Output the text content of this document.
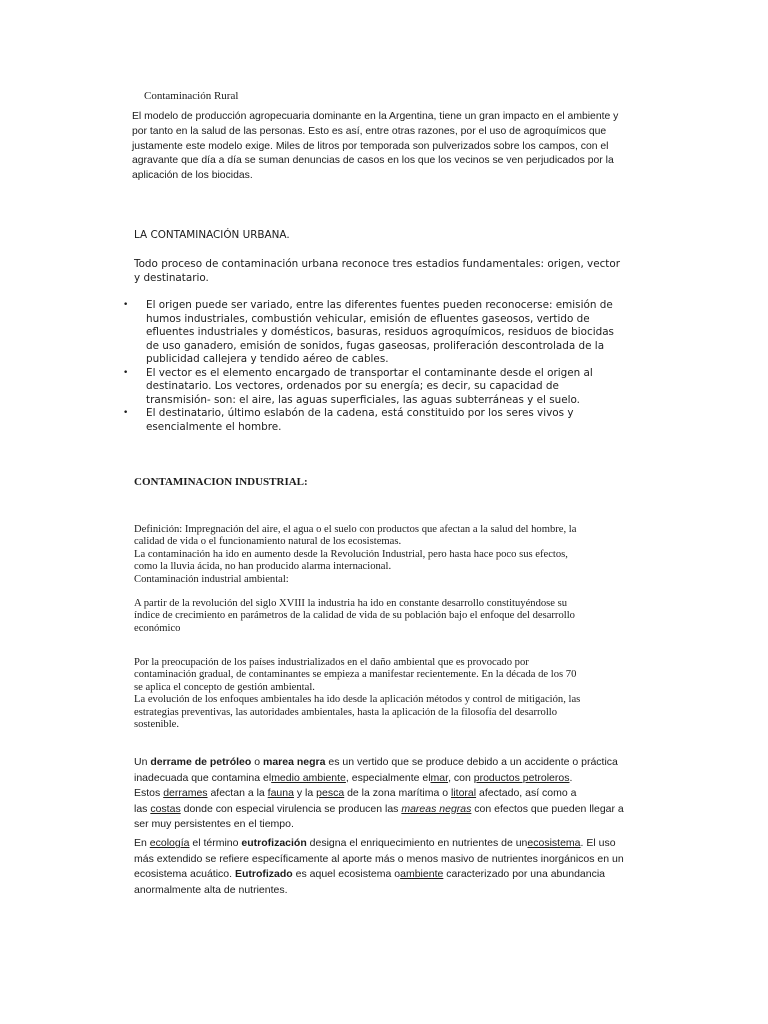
Contaminación Rural

El modelo de producción agropecuaria dominante en la Argentina, tiene un gran impacto en el ambiente y
por tanto en la salud de las personas. Esto es así, entre otras razones, por el uso de agroquímicos que
justamente este modelo exige. Miles de litros por temporada son pulverizados sobre los campos, con el
agravante que día a día se suman denuncias de casos en los que los vecinos se ven perjudicados por la
aplicación de los biocidas.

LA CONTAMINACIÓN URBANA.

Todo proceso de contaminación urbana reconoce tres estadios fundamentales: origen, vector
y destinatario.

• El origen puede ser variado, entre las diferentes fuentes pueden reconocerse: emisión de
humos industriales, combustión vehicular, emisión de efluentes gaseosos, vertido de
efluentes industriales y domésticos, basuras, residuos agroquímicos, residuos de biocidas
de uso ganadero, emisión de sonidos, fugas gaseosas, proliferación descontrolada de la
publicidad callejera y tendido aéreo de cables.
• El vector es el elemento encargado de transportar el contaminante desde el origen al
destinatario. Los vectores, ordenados por su energía; es decir, su capacidad de
transmisión- son: el aire, las aguas superficiales, las aguas subterráneas y el suelo.
• El destinatario, último eslabón de la cadena, está constituido por los seres vivos y
esencialmente el hombre.
CONTAMINACION INDUSTRIAL:

Definición: Impregnación del aire, el agua o el suelo con productos que afectan a la salud del hombre, la
calidad de vida o el funcionamiento natural de los ecosistemas.
La contaminación ha ido en aumento desde la Revolución Industrial, pero hasta hace poco sus efectos,
como la lluvia ácida, no han producido alarma internacional.
Contaminación industrial ambiental:

A partir de la revolución del siglo XVIII la industria ha ido en constante desarrollo constituyéndose su
índice de crecimiento en parámetros de la calidad de vida de su población bajo el enfoque del desarrollo
económico

Por la preocupación de los países industrializados en el daño ambiental que es provocado por
contaminación gradual, de contaminantes se empieza a manifestar recientemente. En la década de los 70
se aplica el concepto de gestión ambiental.
La evolución de los enfoques ambientales ha ido desde la aplicación métodos y control de mitigación, las
estrategias preventivas, las autoridades ambientales, hasta la aplicación de la filosofía del desarrollo
sostenible.

Un derrame de petróleo o marea negra es un vertido que se produce debido a un accidente o práctica
inadecuada que contamina elmedio ambiente, especialmente elmar, con productos petroleros.
Estos derrames afectan a la fauna y la pesca de la zona marítima o litoral afectado, así como a
las costas donde con especial virulencia se producen las mareas negras con efectos que pueden llegar a
ser muy persistentes en el tiempo.

En ecología el término eutrofización designa el enriquecimiento en nutrientes de unecosistema. El uso
más extendido se refiere específicamente al aporte más o menos masivo de nutrientes inorgánicos en un
ecosistema acuático. Eutrofizado es aquel ecosistema oambiente caracterizado por una abundancia
anormalmente alta de nutrientes.
